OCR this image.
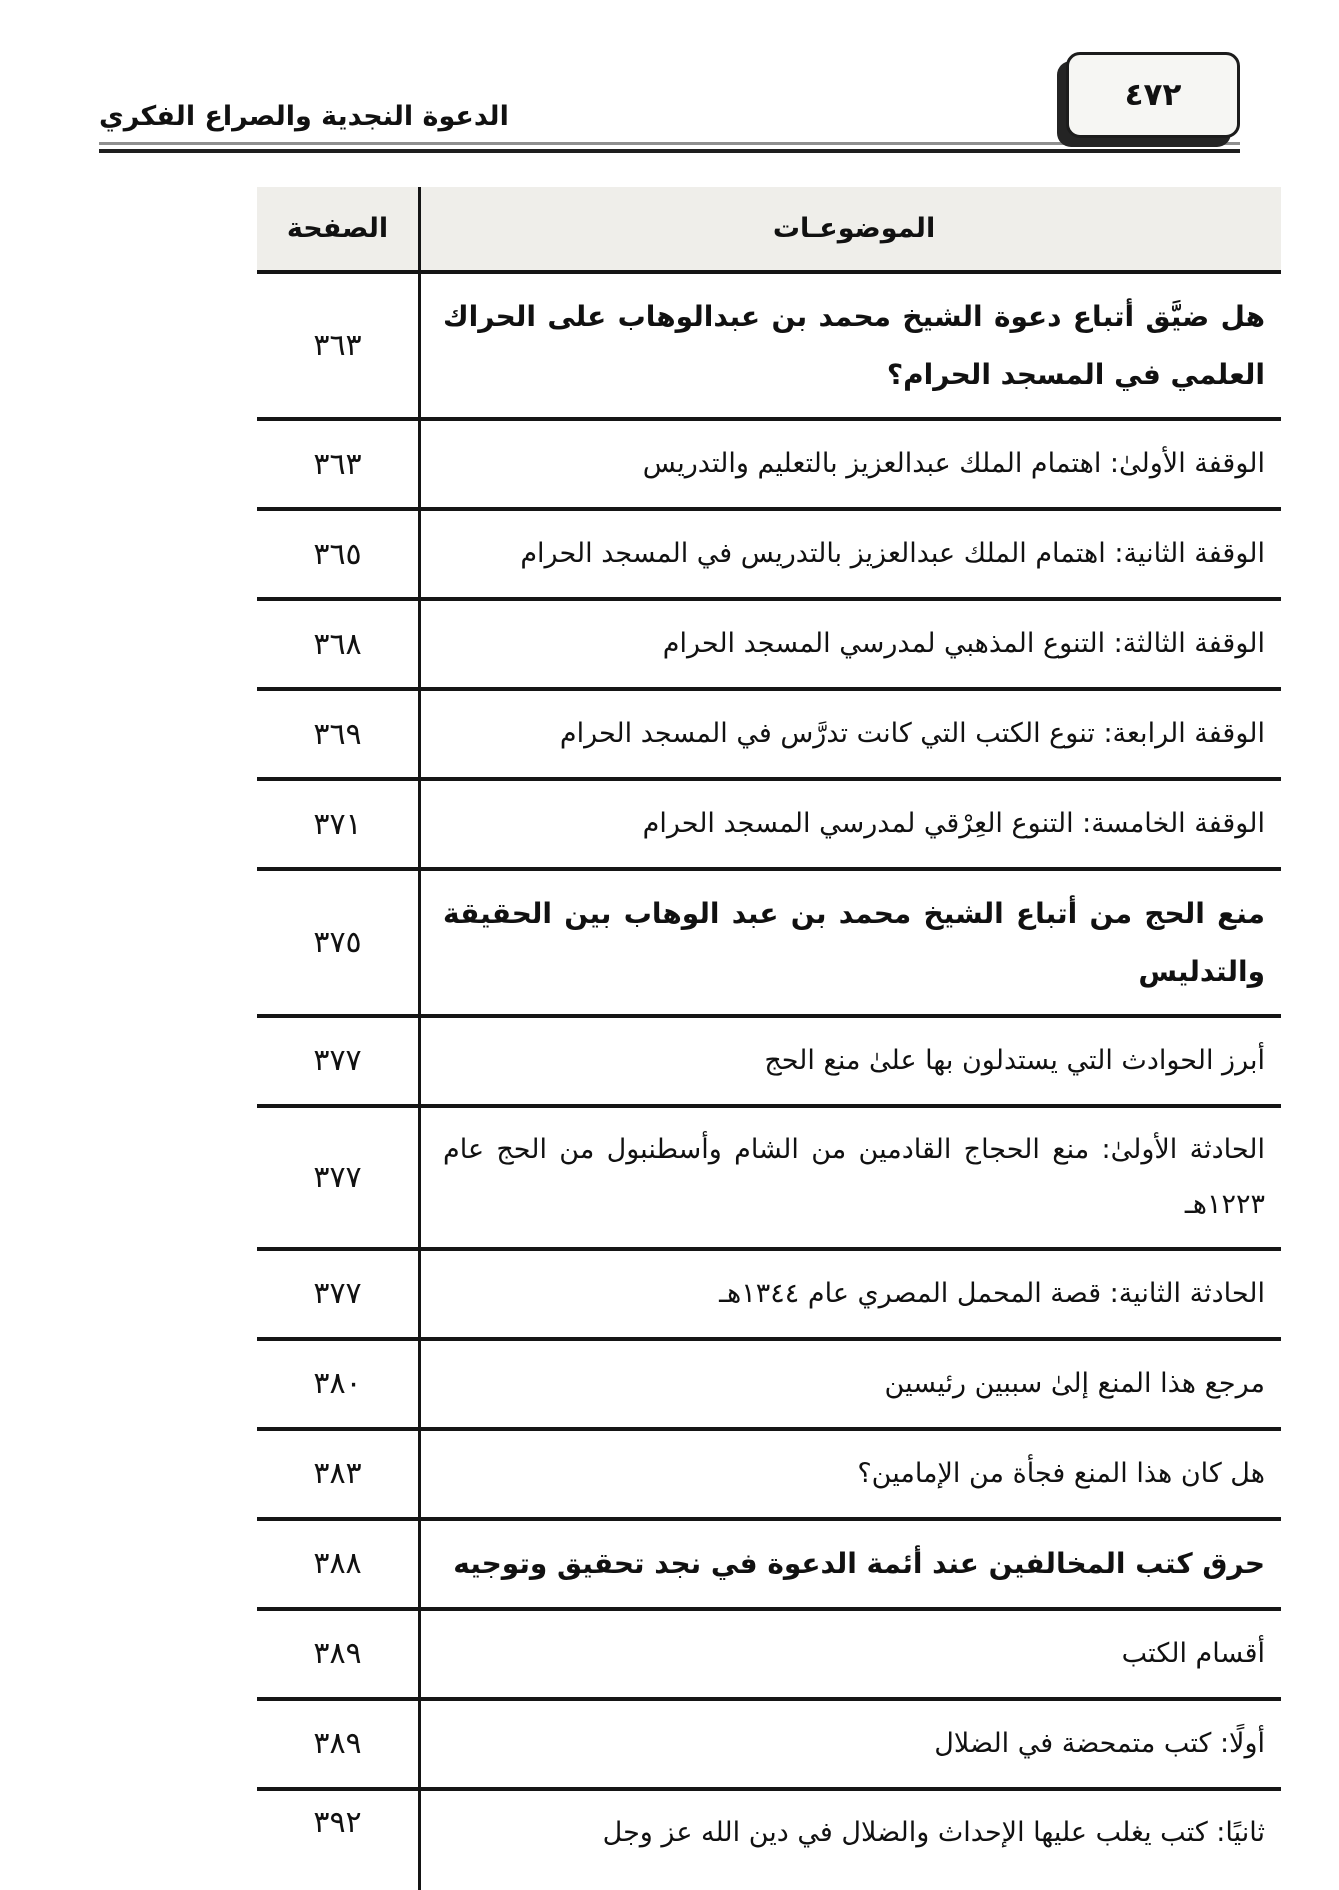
٤٧٢
الدعوة النجدية والصراع الفكري
الموضوعـات
الصفحة
هل ضيَّق أتباع دعوة الشيخ محمد بن عبدالوهاب على الحراك العلمي في المسجد الحرام؟
٣٦٣
الوقفة الأولىٰ: اهتمام الملك عبدالعزيز بالتعليم والتدريس
٣٦٣
الوقفة الثانية: اهتمام الملك عبدالعزيز بالتدريس في المسجد الحرام
٣٦٥
الوقفة الثالثة: التنوع المذهبي لمدرسي المسجد الحرام
٣٦٨
الوقفة الرابعة: تنوع الكتب التي كانت تدرَّس في المسجد الحرام
٣٦٩
الوقفة الخامسة: التنوع العِرْقي لمدرسي المسجد الحرام
٣٧١
منع الحج من أتباع الشيخ محمد بن عبد الوهاب بين الحقيقة والتدليس
٣٧٥
أبرز الحوادث التي يستدلون بها علىٰ منع الحج
٣٧٧
الحادثة الأولىٰ: منع الحجاج القادمين من الشام وأسطنبول من الحج عام ١٢٢٣هـ
٣٧٧
الحادثة الثانية: قصة المحمل المصري عام ١٣٤٤هـ
٣٧٧
مرجع هذا المنع إلىٰ سببين رئيسين
٣٨٠
هل كان هذا المنع فجأة من الإمامين؟
٣٨٣
حرق كتب المخالفين عند أئمة الدعوة في نجد تحقيق وتوجيه
٣٨٨
أقسام الكتب
٣٨٩
أولًا: كتب متمحضة في الضلال
٣٨٩
ثانيًا: كتب يغلب عليها الإحداث والضلال في دين الله عز وجل
٣٩٢
